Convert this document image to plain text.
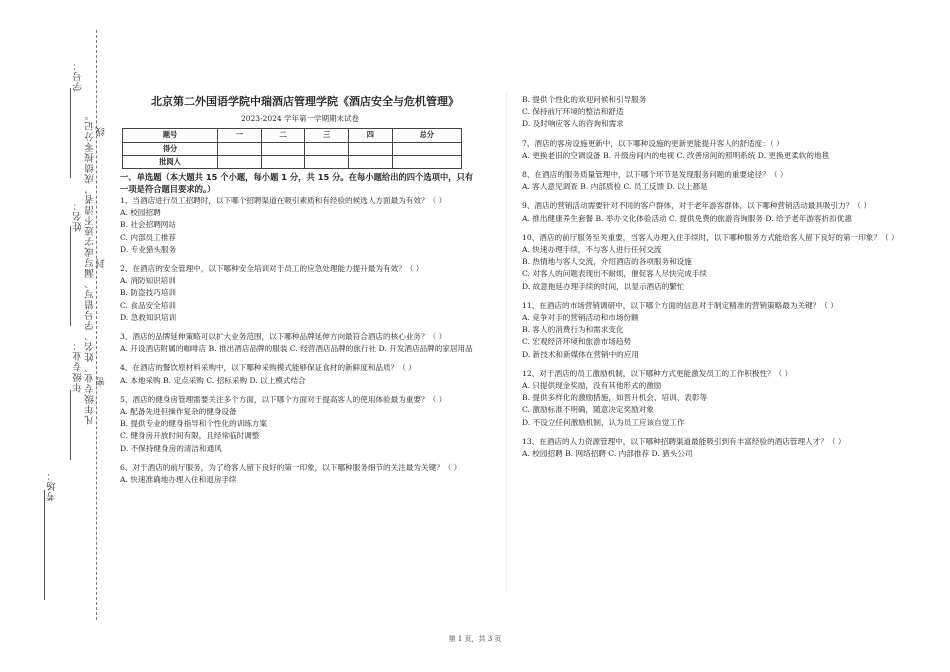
学号：
姓名：
年级专业：
考场：
凡年级专业、姓名、学号错写、漏写或字迹不清者，成绩按零分记。 封
线
密
北京第二外国语学院中瑞酒店管理学院《酒店安全与危机管理》
2023-2024 学年第一学期期末试卷
题号	一	二	三	四	总分
得分					
批阅人					
一、单选题（本大题共 15 个小题，每小题 1 分，共 15 分。在每小题给出的四个选项中，只有一项是符合题目要求的。）
1、当酒店进行员工招聘时，以下哪个招聘渠道在吸引素质和有经验的候选人方面最为有效？（ ）
A. 校园招聘
B. 社会招聘网站
C. 内部员工推荐
D. 专业猎头服务
2、在酒店的安全管理中，以下哪种安全培训对于员工的应急处理能力提升最为有效？（ ）
A. 消防知识培训
B. 防盗技巧培训
C. 食品安全培训
D. 急救知识培训
3、酒店的品牌延伸策略可以扩大业务范围，以下哪种品牌延伸方向最符合酒店的核心业务？（ ）
A. 开设酒店附属的咖啡店 B. 推出酒店品牌的服装 C. 经营酒店品牌的旅行社 D. 开发酒店品牌的家居用品
4、在酒店的餐饮原材料采购中，以下哪种采购模式能够保证食材的新鲜度和品质？（ ）
A. 本地采购 B. 定点采购 C. 招标采购 D. 以上模式结合
5、酒店的健身房管理需要关注多个方面，以下哪个方面对于提高客人的使用体验最为重要？（ ）
A. 配备先进但操作复杂的健身设备
B. 提供专业的健身指导和个性化的训练方案
C. 健身房开放时间有限，且经常临时调整
D. 不保持健身房的清洁和通风
6、对于酒店的前厅服务，为了给客人留下良好的第一印象，以下哪种服务细节的关注最为关键？（ ）
A. 快速准确地办理入住和退房手续
B. 提供个性化的欢迎问候和引导服务
C. 保持前厅环境的整洁和舒适
D. 及时响应客人的咨询和需求
7、酒店的客房设施更新中，以下哪种设施的更新更能提升客人的舒适度：（ ）
A. 更换老旧的空调设备 B. 升级房间内的电视 C. 改善房间的照明系统 D. 更换更柔软的地毯
8、在酒店的服务质量管理中，以下哪个环节是发现服务问题的重要途径？（ ）
A. 客人意见调查 B. 内部质检 C. 员工反馈 D. 以上都是
9、酒店的营销活动需要针对不同的客户群体，对于老年游客群体，以下哪种营销活动最具吸引力？（ ）
A. 推出健康养生套餐 B. 举办文化体验活动 C. 提供免费的旅游咨询服务 D. 给予老年游客折扣优惠
10、酒店的前厅服务至关重要，当客人办理入住手续时，以下哪种服务方式能给客人留下良好的第一印象？（ ）
A. 快速办理手续，不与客人进行任何交流
B. 热情地与客人交流，介绍酒店的各项服务和设施
C. 对客人的问题表现出不耐烦，催促客人尽快完成手续
D. 故意拖延办理手续的时间，以显示酒店的繁忙
11、在酒店的市场营销调研中，以下哪个方面的信息对于制定精准的营销策略最为关键？（ ）
A. 竞争对手的营销活动和市场份额
B. 客人的消费行为和需求变化
C. 宏观经济环境和旅游市场趋势
D. 新技术和新媒体在营销中的应用
12、对于酒店的员工激励机制，以下哪种方式更能激发员工的工作积极性？（ ）
A. 只提供现金奖励，没有其他形式的激励
B. 提供多样化的激励措施，如晋升机会、培训、表彰等
C. 激励标准不明确，随意决定奖励对象
D. 不设立任何激励机制，认为员工应该自觉工作
13、在酒店的人力资源管理中，以下哪种招聘渠道最能吸引到有丰富经验的酒店管理人才？（ ）
A. 校园招聘 B. 网络招聘 C. 内部推荐 D. 猎头公司
第 1 页，共 3 页
